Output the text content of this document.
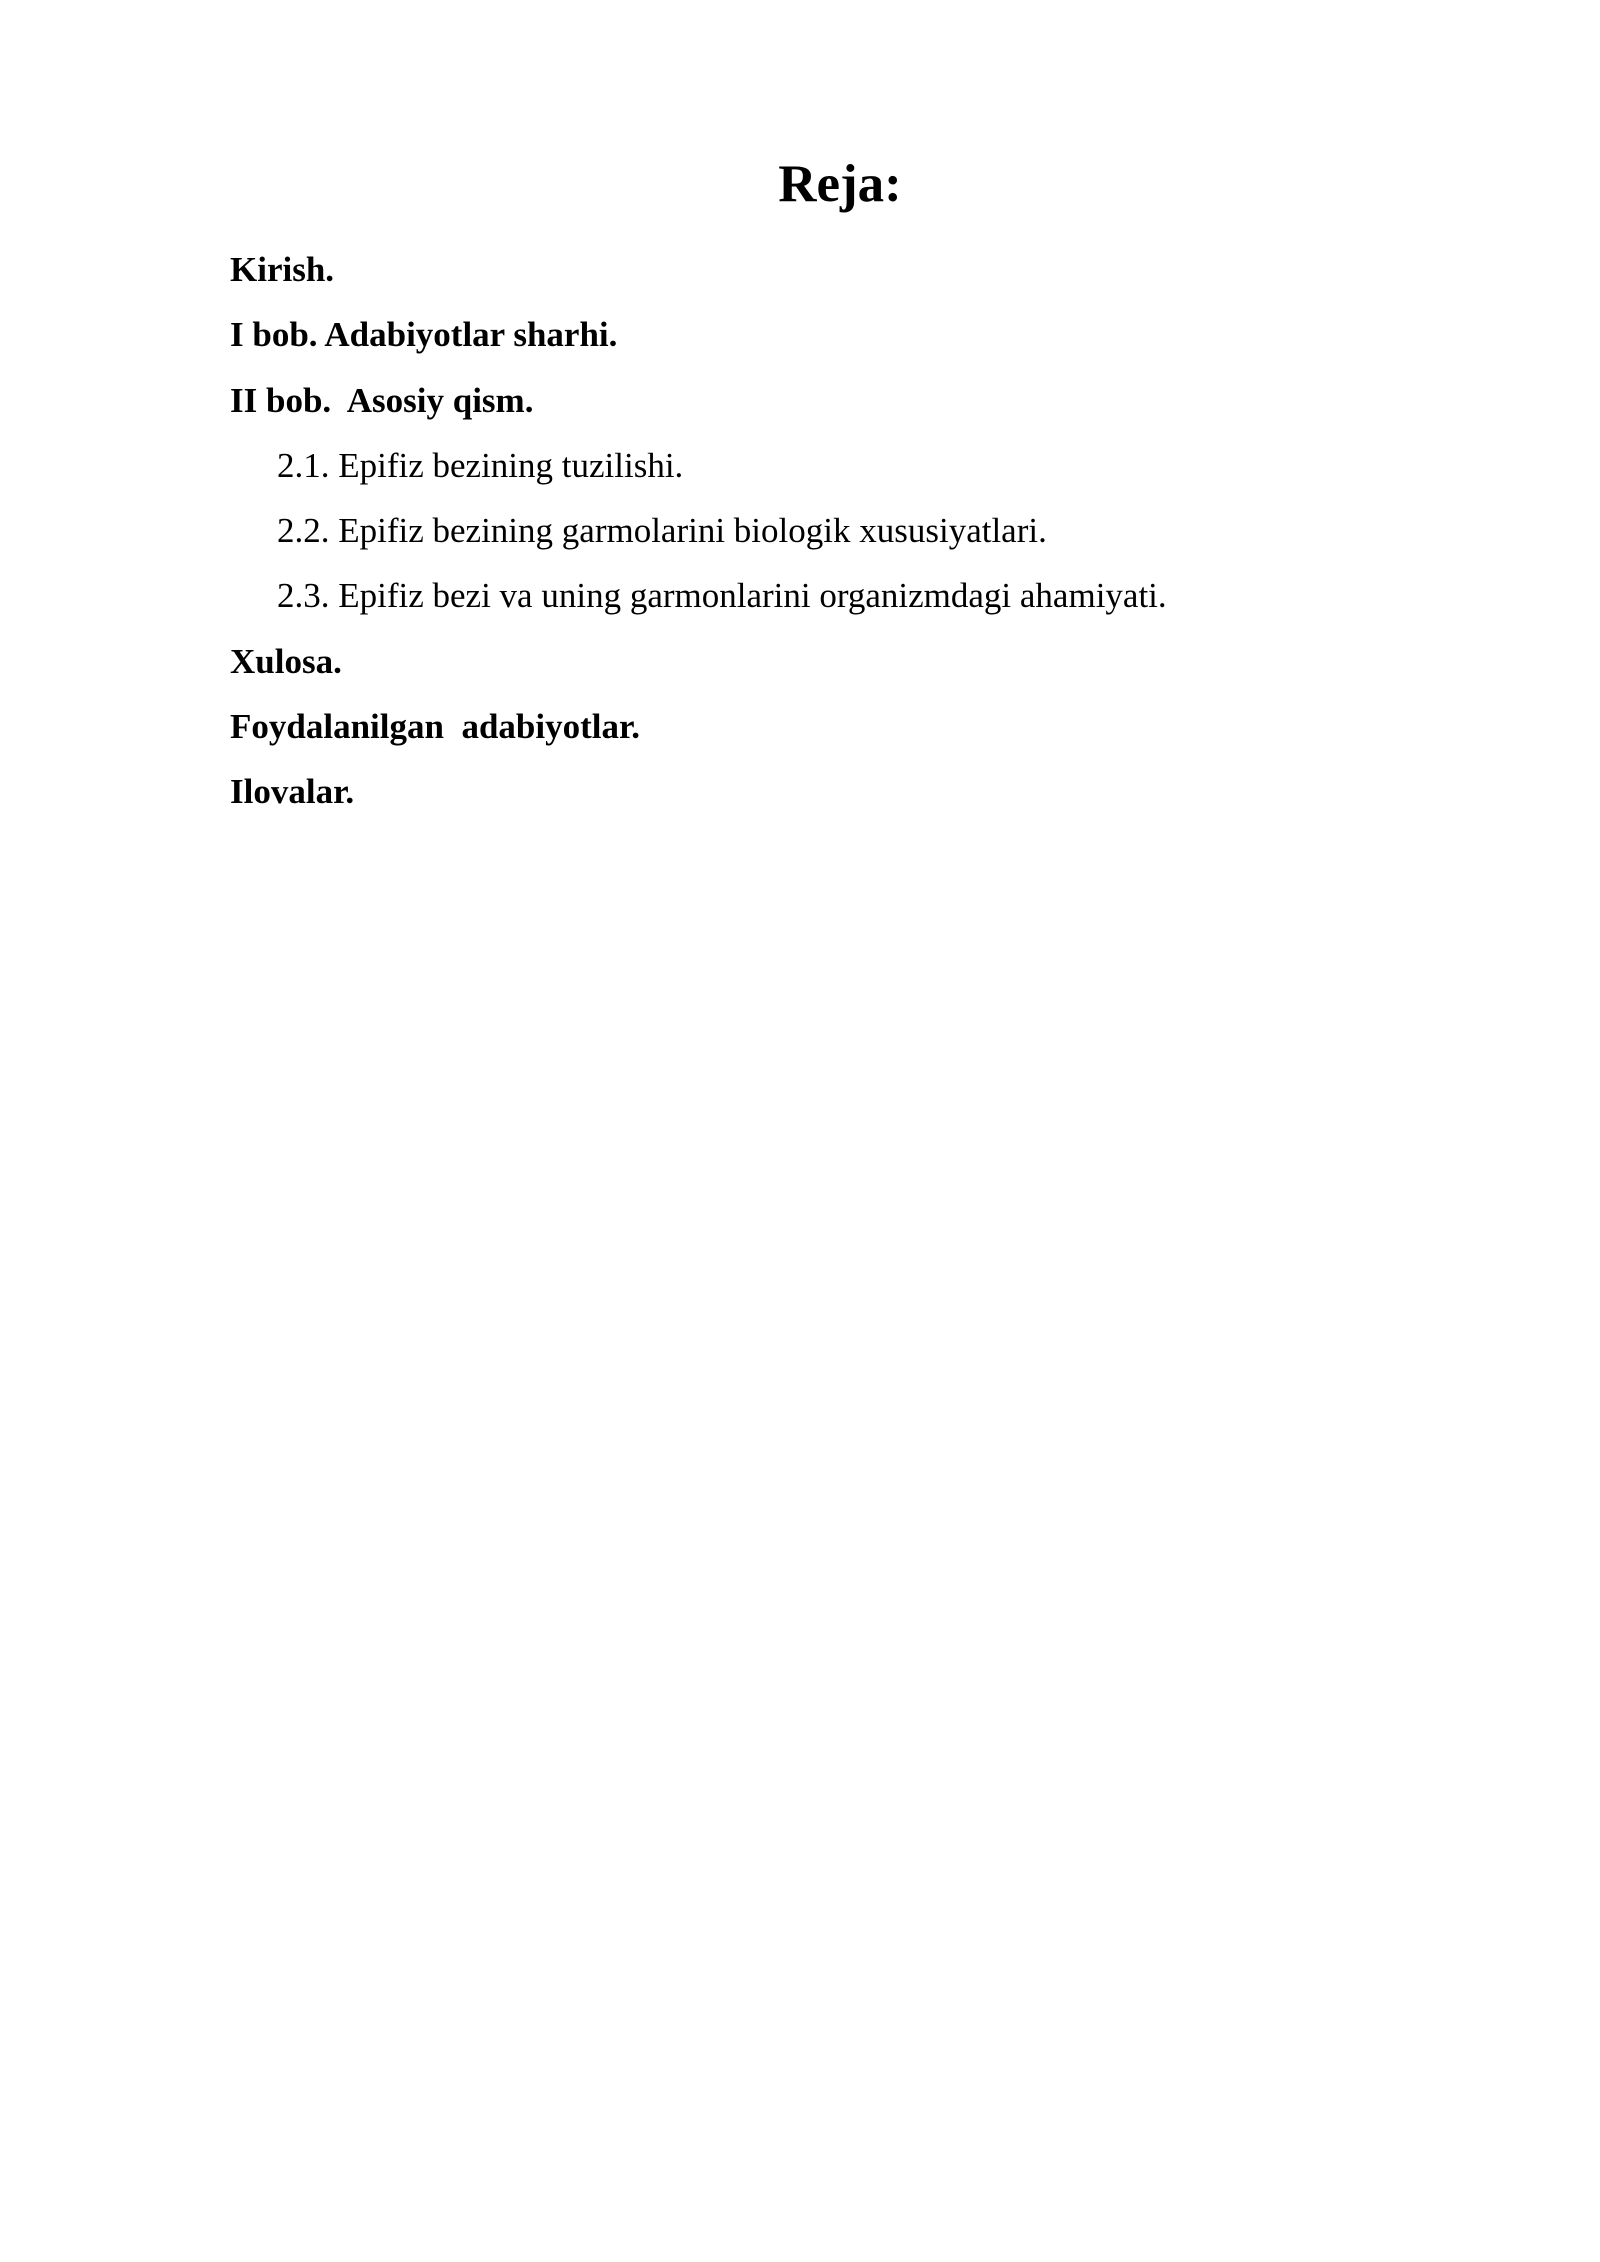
Reja:
Kirish.
I bob. Adabiyotlar sharhi.
II bob.  Asosiy qism.
2.1. Epifiz bezining tuzilishi.
2.2. Epifiz bezining garmolarini biologik xususiyatlari.
2.3. Epifiz bezi va uning garmonlarini organizmdagi ahamiyati.
Xulosa.
Foydalanilgan  adabiyotlar.
Ilovalar.
